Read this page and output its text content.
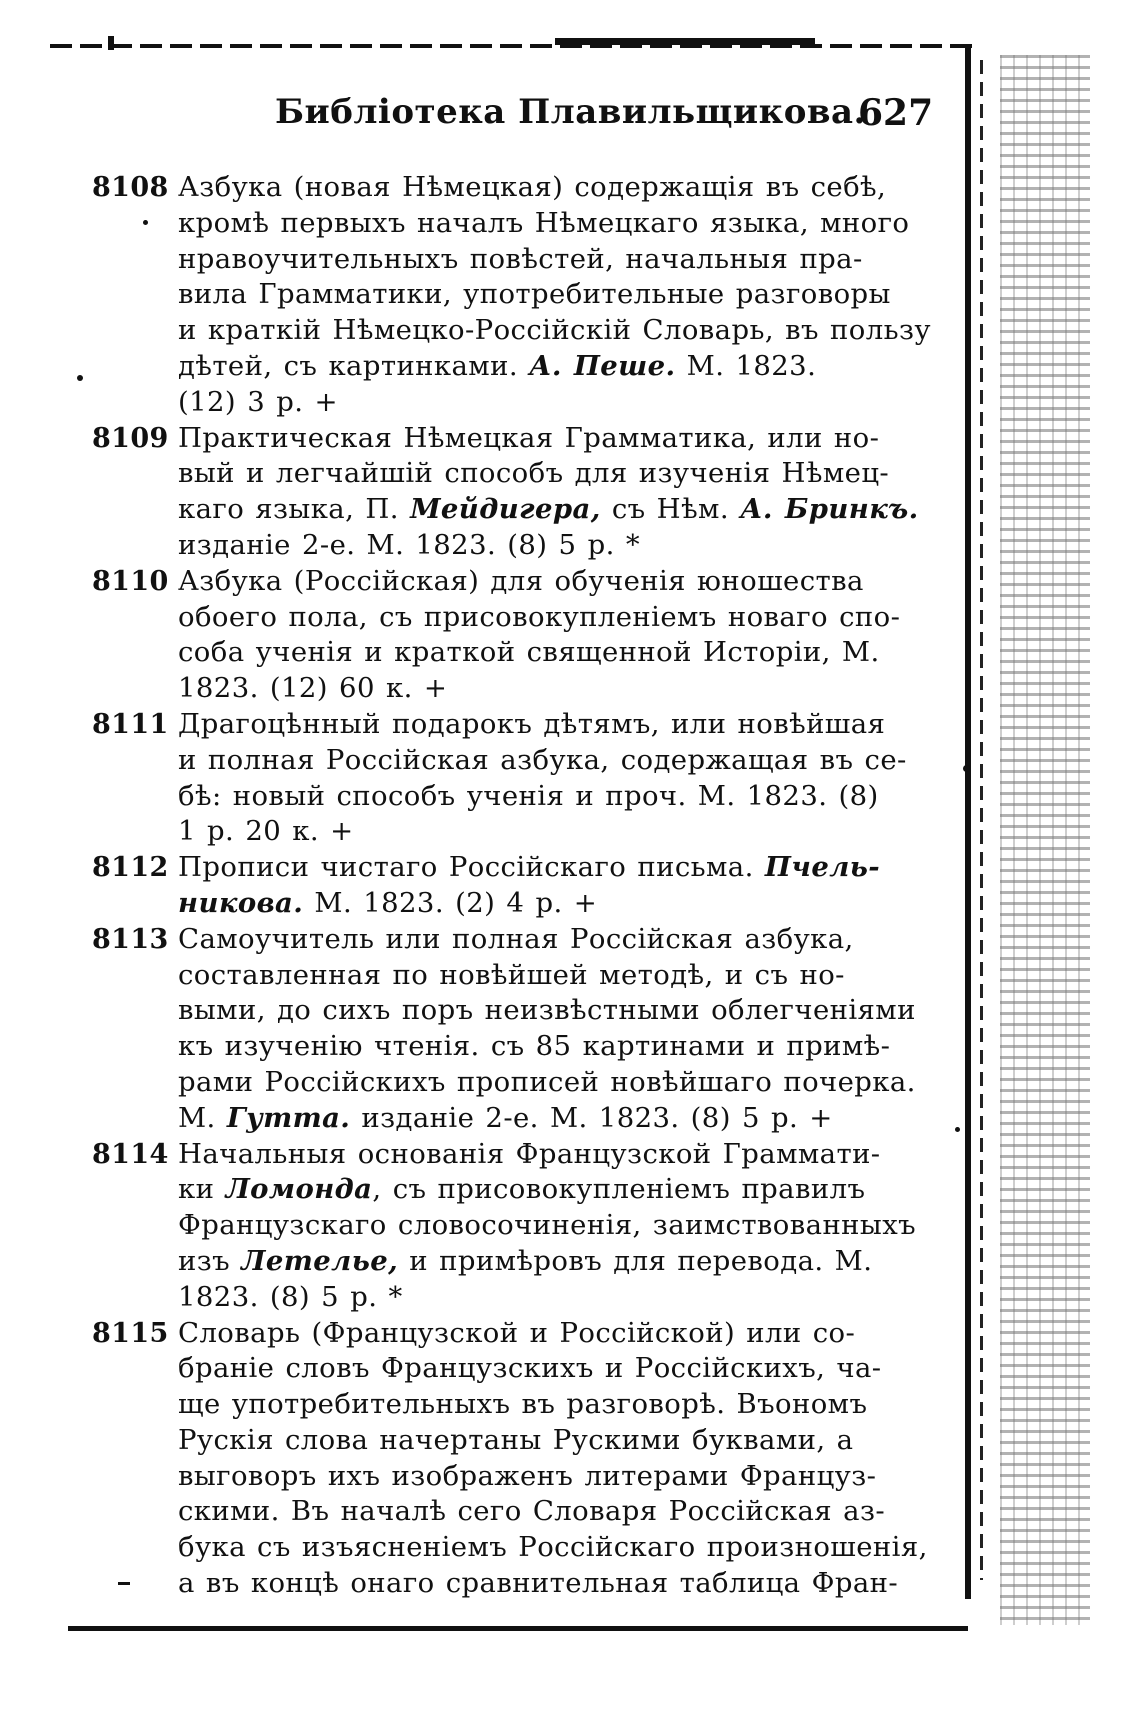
Библіотека Плавильщикова.
627
8108 Азбука (новая Нѣмецкая) содержащія въ себѣ,
кромѣ первыхъ началъ Нѣмецкаго языка, много
нравоучительныхъ повѣстей, начальныя пра-
вила Грамматики, употребительные разговоры
и краткій Нѣмецко-Россійскій Словарь, въ пользу
дѣтей, съ картинками. А. Пеше. М. 1823.
(12) 3 р. +
8109 Практическая Нѣмецкая Грамматика, или но-
вый и легчайшій способъ для изученія Нѣмец-
каго языка, П. Мейдигера, съ Нѣм. А. Бринкъ.
изданіе 2-е. М. 1823. (8) 5 р. *
8110 Азбука (Россійская) для обученія юношества
обоего пола, съ присовокупленіемъ новаго спо-
соба ученія и краткой священной Исторіи, М.
1823. (12) 60 к. +
8111 Драгоцѣнный подарокъ дѣтямъ, или новѣйшая
и полная Россійская азбука, содержащая въ се-
бѣ: новый способъ ученія и проч. М. 1823. (8)
1 р. 20 к. +
8112 Прописи чистаго Россійскаго письма. Пчель-
никова. М. 1823. (2) 4 р. +
8113 Самоучитель или полная Россійская азбука,
составленная по новѣйшей методѣ, и съ но-
выми, до сихъ поръ неизвѣстными облегченіями
къ изученію чтенія. съ 85 картинами и примѣ-
рами Россійскихъ прописей новѣйшаго почерка.
М. Гутта. изданіе 2-е. М. 1823. (8) 5 р. +
8114 Начальныя основанія Французской Граммати-
ки Ломонда, съ присовокупленіемъ правилъ
Французскаго словосочиненія, заимствованныхъ
изъ Летелье, и примѣровъ для перевода. М.
1823. (8) 5 р. *
8115 Словарь (Французской и Россійской) или со-
браніе словъ Французскихъ и Россійскихъ, ча-
ще употребительныхъ въ разговорѣ. Въономъ
Рускія слова начертаны Рускими буквами, а
выговоръ ихъ изображенъ литерами Француз-
скими. Въ началѣ сего Словаря Россійская аз-
бука съ изъясненіемъ Россійскаго произношенія,
а въ концѣ онаго сравнительная таблица Фран-
